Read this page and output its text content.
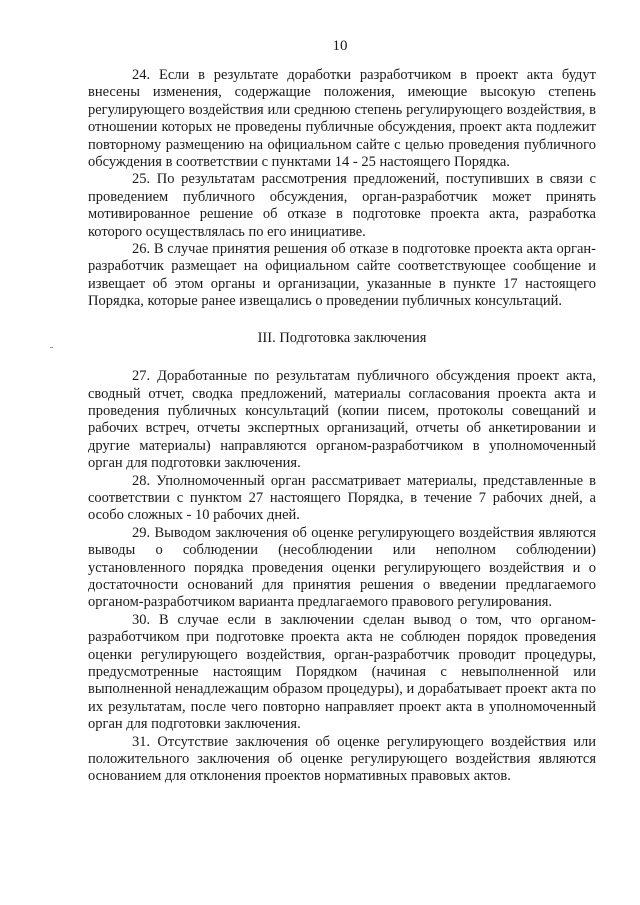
10

24. Если в результате доработки разработчиком в проект акта будут внесены изменения, содержащие положения, имеющие высокую степень регулирующего воздействия или среднюю степень регулирующего воздействия, в отношении которых не проведены публичные обсуждения, проект акта подлежит повторному размещению на официальном сайте с целью проведения публичного обсуждения в соответствии с пунктами 14 - 25 настоящего Порядка.

25. По результатам рассмотрения предложений, поступивших в связи с проведением публичного обсуждения, орган-разработчик может принять мотивированное решение об отказе в подготовке проекта акта, разработка которого осуществлялась по его инициативе.

26. В случае принятия решения об отказе в подготовке проекта акта орган-разработчик размещает на официальном сайте соответствующее сообщение и извещает об этом органы и организации, указанные в пункте 17 настоящего Порядка, которые ранее извещались о проведении публичных консультаций.

III. Подготовка заключения

27. Доработанные по результатам публичного обсуждения проект акта, сводный отчет, сводка предложений, материалы согласования проекта акта и проведения публичных консультаций (копии писем, протоколы совещаний и рабочих встреч, отчеты экспертных организаций, отчеты об анкетировании и другие материалы) направляются органом-разработчиком в уполномоченный орган для подготовки заключения.

28. Уполномоченный орган рассматривает материалы, представленные в соответствии с пунктом 27 настоящего Порядка, в течение 7 рабочих дней, а особо сложных - 10 рабочих дней.

29. Выводом заключения об оценке регулирующего воздействия являются выводы о соблюдении (несоблюдении или неполном соблюдении) установленного порядка проведения оценки регулирующего воздействия и о достаточности оснований для принятия решения о введении предлагаемого органом-разработчиком варианта предлагаемого правового регулирования.

30. В случае если в заключении сделан вывод о том, что органом-разработчиком при подготовке проекта акта не соблюден порядок проведения оценки регулирующего воздействия, орган-разработчик проводит процедуры, предусмотренные настоящим Порядком (начиная с невыполненной или выполненной ненадлежащим образом процедуры), и дорабатывает проект акта по их результатам, после чего повторно направляет проект акта в уполномоченный орган для подготовки заключения.

31. Отсутствие заключения об оценке регулирующего воздействия или положительного заключения об оценке регулирующего воздействия являются основанием для отклонения проектов нормативных правовых актов.
